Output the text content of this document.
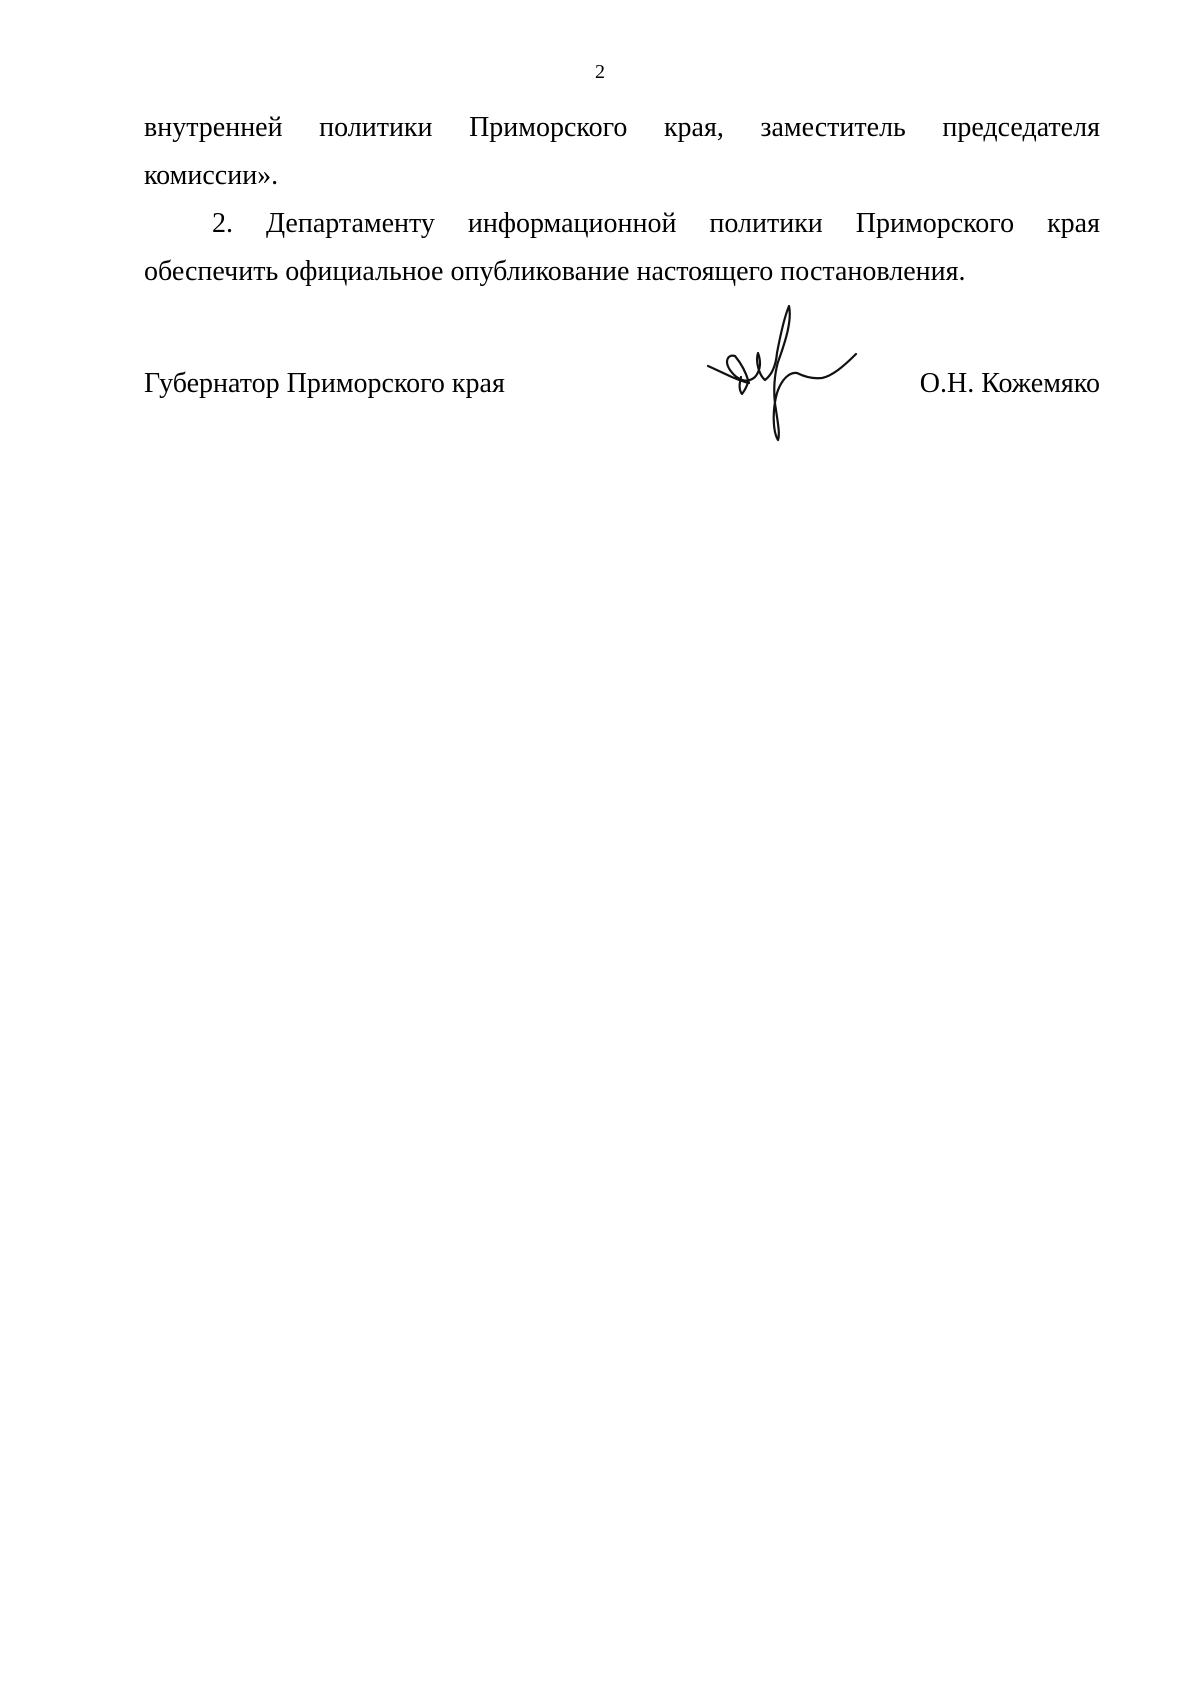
2
внутренней политики Приморского края, заместитель председателя
комиссии».
2. Департаменту информационной политики Приморского края
обеспечить официальное опубликование настоящего постановления.
Губернатор Приморского края	О.Н. Кожемяко
